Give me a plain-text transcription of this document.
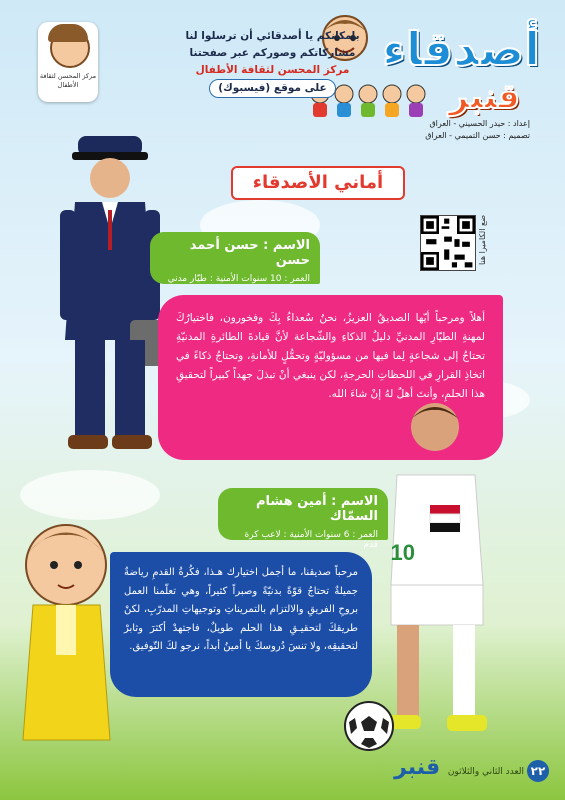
أصدقاء
قنبر
إعداد : حيدر الحسيني - العراق
تصميم : حسن التميمي - العراق
بإمكانكم يا أصدقائي أن ترسلوا لنا
مشاركاتكم وصوركم عبر صفحتنا
مركز المحسن لثقافة الأطفال
على موقع (فيسبوك)
مركز المحسن لثقافة الأطفال
أماني الأصدقاء
ضع الكاميرا هنا
الاسم : حسن أحمد حسن
العمر : 10 سنوات الأمنية : طيّار مدني
أهلاً ومرحباً أيّها الصديقُ العزيزُ، نحنُ سُعداءُ بِكَ وفخورون، فاختيارُكَ لمهنةِ الطيّارِ المدنيِّ دليلُ الذكاءِ والشّجاعة لأنَّ قيادةَ الطائرةِ المدنيّةِ تحتاجُ إلى شجاعةٍ لِما فيها من مسؤوليّةٍ وتحمُّلٍ للأمانةِ، وتحتاجُ ذكاءً في اتخاذِ القرارِ في اللحظاتِ الحرجةِ، لكن ينبغي أنْ تبذلَ جهداً كبيراً لتحقيقِ هذا الحلمِ، وأنتَ أهلٌ لهُ إنْ شاءَ الله.
10
الاسم : أمين هشام السمّاك
العمر : 6 سنوات الأمنية : لاعب كرة قدم
مرحباً صديقنا، ما أجمل اختيارك هـذا، فكُرةُ القدمِ رياضةٌ جميلةٌ تحتاجُ قوّةً بدنيّةً وصبراً كثيراً، وهي تعلّمنا العمل بروحِ الفريقِ والالتزام بالتمريناتِ وتوجيهاتِ المدرّبِ، لكنْ طريقكَ لتحقيـقِ هذا الحلم طويلٌ، فاجتهدْ أكثرَ وثابرْ لتحقيقِه، ولا تنسَ دُروسكَ يا أمينُ أبداً، نرجو لكَ التّوفيق.
العدد الثاني والثلاثون قنبر	٢٢
